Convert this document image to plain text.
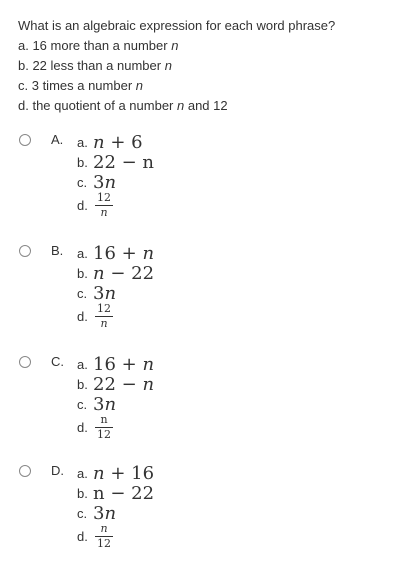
What is an algebraic expression for each word phrase?
a. 16 more than a number n
b. 22 less than a number n
c. 3 times a number n
d. the quotient of a number n and 12
A. a. n + 6
b. 22 − n
c. 3n
d. $\frac{12}{n}$
B. a. 16 + n
b. n − 22
c. 3n
d. $\frac{12}{n}$
C. a. 16 + n
b. 22 − n
c. 3n
d. $\frac{n}{12}$
D. a. n + 16
b. n − 22
c. 3n
d. $\frac{n}{12}$
